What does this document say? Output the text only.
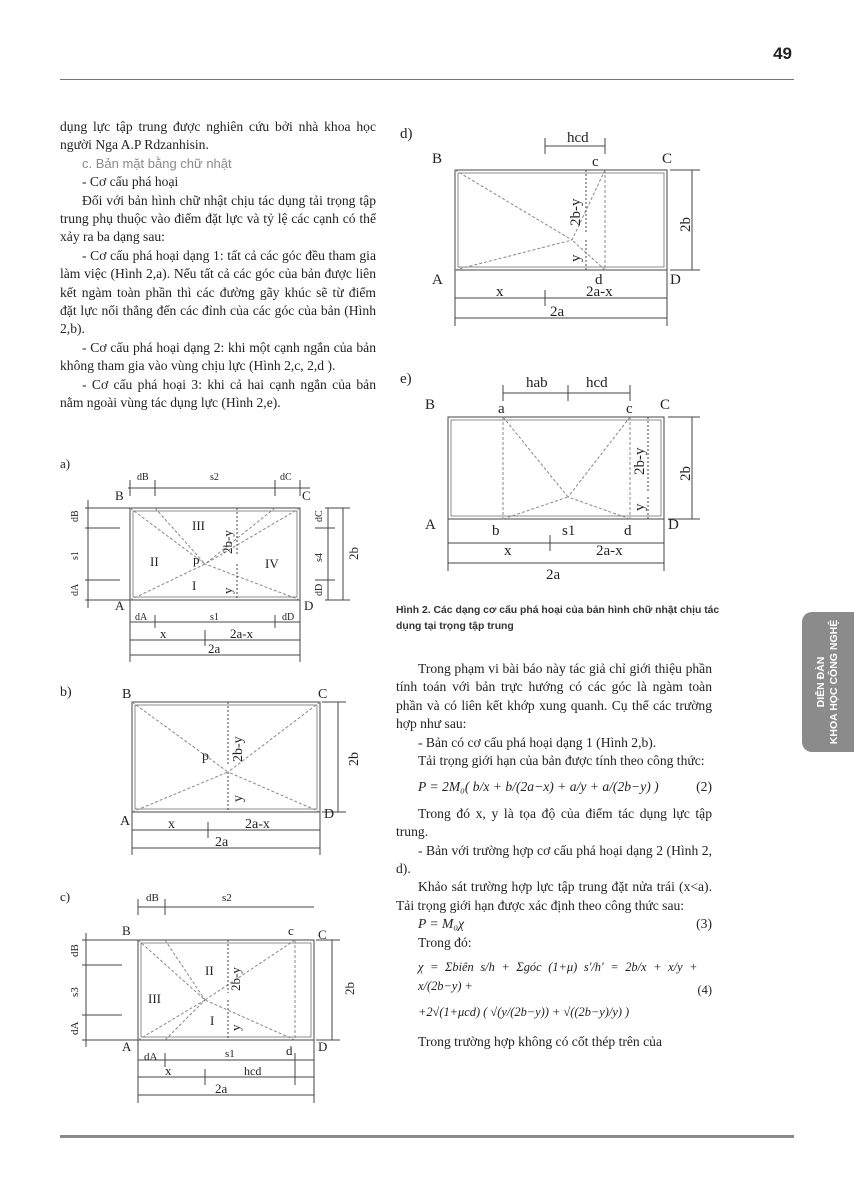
49

dụng lực tập trung được nghiên cứu bởi nhà khoa học người Nga A.P Rdzanhisin.

c. Bản mặt bằng chữ nhật

- Cơ cấu phá hoại

Đối với bản hình chữ nhật chịu tác dụng tải trọng tập trung phụ thuộc vào điểm đặt lực và tỷ lệ các cạnh có thể xảy ra ba dạng sau:

- Cơ cấu phá hoại dạng 1: tất cả các góc đều tham gia làm việc (Hình 2,a). Nếu tất cả các góc của bản được liên kết ngàm toàn phần thì các đường gãy khúc sẽ từ điểm đặt lực nối thẳng đến các đỉnh của các góc của bản (Hình 2,b).

- Cơ cấu phá hoại dạng 2: khi một cạnh ngắn của bản không tham gia vào vùng chịu lực (Hình 2,c, 2,d ).

- Cơ cấu phá hoại 3: khi cả hai cạnh ngắn của bản nằm ngoài vùng tác dụng lực (Hình 2,e).

a)
B	C
A	D
dB	s2	dC
dB
s1
dA
dC
s4
dD
2b
III
II	IV
I
p
2b-y
y
dA	s1	dD
x	2a-x
2a
b)	B	C
A	D
p 2b-y
y
2b
x	2a-x
2a
c)
B	c C
A	d D
dB	s2
dB
s3
dA
II
III
I
2b-y
y
2b
dA	s1
x	hcd
2a
d)	hcd
B	c	C
A	d	D
2b-y
y
2b
x	2a-x
2a
e)	hab	hcd
B	a	c C
A	b	s1	d D
2b-y
y
2b
x	2a-x
2a
Hình 2. Các dạng cơ cấu phá hoại của bản hình chữ nhật chịu tác dụng tại trọng tập trung

Trong phạm vi bài báo này tác giả chỉ giới thiệu phần tính toán với bản trực hướng có các góc là ngàm toàn phần và có liên kết khớp xung quanh. Cụ thể các trường hợp như sau:

- Bản có cơ cấu phá hoại dạng 1 (Hình 2,b).

Tải trọng giới hạn của bản được tính theo công thức:

P = 2M₀( b/x + b/(2a−x) + a/y + a/(2b−y) )	(2)

Trong đó x, y là tọa độ của điểm tác dụng lực tập trung.

- Bản với trường hợp cơ cấu phá hoại dạng 2 (Hình 2, d).

Khảo sát trường hợp lực tập trung đặt nửa trái (x<a). Tải trọng giới hạn được xác định theo công thức sau:

P = M₀χ	(3)

Trong đó:

χ = Σbiên s/h + Σgóc (1+μ) s'/h' = 2b/x + x/y + x/(2b−y) +
+2√(1+μcd) ( √(y/(2b−y)) + √((2b−y)/y) )
(4)

Trong trường hợp không có cốt thép trên của

DIỄN ĐÀN KHOA HỌC CÔNG NGHỆ
